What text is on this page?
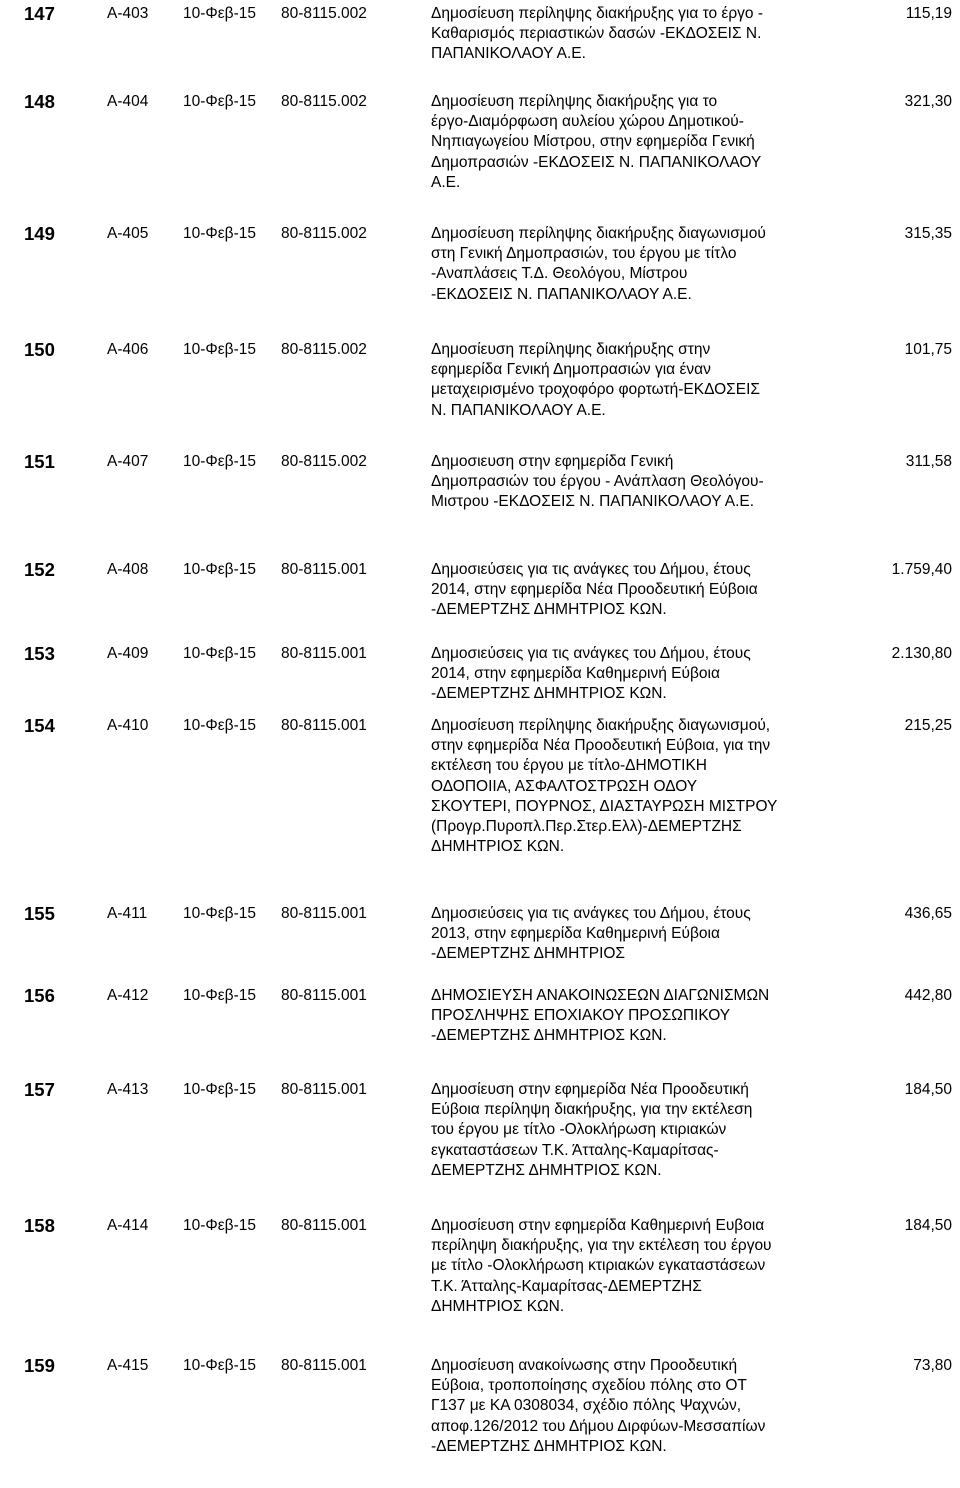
147	Α-403 10-Φεβ-15 80-8115.002	Δημοσίευση περίληψης διακήρυξης για το έργο -
Καθαρισμός περιαστικών δασών -ΕΚΔΟΣΕΙΣ Ν.
ΠΑΠΑΝΙΚΟΛΑΟΥ Α.Ε.
115,19
148	Α-404 10-Φεβ-15 80-8115.002	Δημοσίευση περίληψης διακήρυξης για το
έργο-Διαμόρφωση αυλείου χώρου Δημοτικού-
Νηπιαγωγείου Μίστρου, στην εφημερίδα Γενική
Δημοπρασιών -ΕΚΔΟΣΕΙΣ Ν. ΠΑΠΑΝΙΚΟΛΑΟΥ
Α.Ε.
321,30
149	Α-405 10-Φεβ-15 80-8115.002	Δημοσίευση περίληψης διακήρυξης διαγωνισμού
στη Γενική Δημοπρασιών, του έργου με τίτλο
-Αναπλάσεις Τ.Δ. Θεολόγου, Μίστρου
-ΕΚΔΟΣΕΙΣ Ν. ΠΑΠΑΝΙΚΟΛΑΟΥ Α.Ε.
315,35
150	Α-406 10-Φεβ-15 80-8115.002	Δημοσίευση περίληψης διακήρυξης στην
εφημερίδα Γενική Δημοπρασιών για έναν
μεταχειρισμένο τροχοφόρο φορτωτή-ΕΚΔΟΣΕΙΣ
Ν. ΠΑΠΑΝΙΚΟΛΑΟΥ Α.Ε.
101,75
151	Α-407 10-Φεβ-15 80-8115.002	Δημοσιευση στην εφημερίδα Γενική
Δημοπρασιών του έργου - Ανάπλαση Θεολόγου-
Μιστρου -ΕΚΔΟΣΕΙΣ Ν. ΠΑΠΑΝΙΚΟΛΑΟΥ Α.Ε.
311,58
152	Α-408 10-Φεβ-15 80-8115.001	Δημοσιεύσεις για τις ανάγκες του Δήμου, έτους
2014, στην εφημερίδα Νέα Προοδευτική Εύβοια
-ΔΕΜΕΡΤΖΗΣ ΔΗΜΗΤΡΙΟΣ ΚΩΝ.
1.759,40
153	Α-409 10-Φεβ-15 80-8115.001	Δημοσιεύσεις για τις ανάγκες του Δήμου, έτους
2014, στην εφημερίδα Καθημερινή Εύβοια
-ΔΕΜΕΡΤΖΗΣ ΔΗΜΗΤΡΙΟΣ ΚΩΝ.
2.130,80
154	Α-410 10-Φεβ-15 80-8115.001	Δημοσίευση περίληψης διακήρυξης διαγωνισμού,
στην εφημερίδα Νέα Προοδευτική Εύβοια, για την
εκτέλεση του έργου με τίτλο-ΔΗΜΟΤΙΚΗ
ΟΔΟΠΟΙΙΑ, ΑΣΦΑΛΤΟΣΤΡΩΣΗ ΟΔΟΥ
ΣΚΟΥΤΕΡΙ, ΠΟΥΡΝΟΣ, ΔΙΑΣΤΑΥΡΩΣΗ ΜΙΣΤΡΟΥ
(Προγρ.Πυροπλ.Περ.Στερ.Ελλ)-ΔΕΜΕΡΤΖΗΣ
ΔΗΜΗΤΡΙΟΣ ΚΩΝ.
215,25
155	Α-411 10-Φεβ-15 80-8115.001	Δημοσιεύσεις για τις ανάγκες του Δήμου, έτους
2013, στην εφημερίδα Καθημερινή Εύβοια
-ΔΕΜΕΡΤΖΗΣ ΔΗΜΗΤΡΙΟΣ
436,65
156	Α-412 10-Φεβ-15 80-8115.001	ΔΗΜΟΣΙΕΥΣΗ ΑΝΑΚΟΙΝΩΣΕΩΝ ΔΙΑΓΩΝΙΣΜΩΝ
ΠΡΟΣΛΗΨΗΣ ΕΠΟΧΙΑΚΟΥ ΠΡΟΣΩΠΙΚΟΥ
-ΔΕΜΕΡΤΖΗΣ ΔΗΜΗΤΡΙΟΣ ΚΩΝ.
442,80
157	Α-413 10-Φεβ-15 80-8115.001	Δημοσίευση στην εφημερίδα Νέα Προοδευτική
Εύβοια περίληψη διακήρυξης, για την εκτέλεση
του έργου με τίτλο -Ολοκλήρωση κτιριακών
εγκαταστάσεων Τ.Κ. Άτταλης-Καμαρίτσας-
ΔΕΜΕΡΤΖΗΣ ΔΗΜΗΤΡΙΟΣ ΚΩΝ.
184,50
158	Α-414 10-Φεβ-15 80-8115.001	Δημοσίευση στην εφημερίδα Καθημερινή Ευβοια
περίληψη διακήρυξης, για την εκτέλεση του έργου
με τίτλο -Ολοκλήρωση κτιριακών εγκαταστάσεων
Τ.Κ. Άτταλης-Καμαρίτσας-ΔΕΜΕΡΤΖΗΣ
ΔΗΜΗΤΡΙΟΣ ΚΩΝ.
184,50
159	Α-415 10-Φεβ-15 80-8115.001	Δημοσίευση ανακοίνωσης στην Προοδευτική
Εύβοια, τροποποίησης σχεδίου πόλης στο ΟΤ
Γ137 με ΚΑ 0308034, σχέδιο πόλης Ψαχνών,
αποφ.126/2012 του Δήμου Διρφύων-Μεσσαπίων
-ΔΕΜΕΡΤΖΗΣ ΔΗΜΗΤΡΙΟΣ ΚΩΝ.
73,80
